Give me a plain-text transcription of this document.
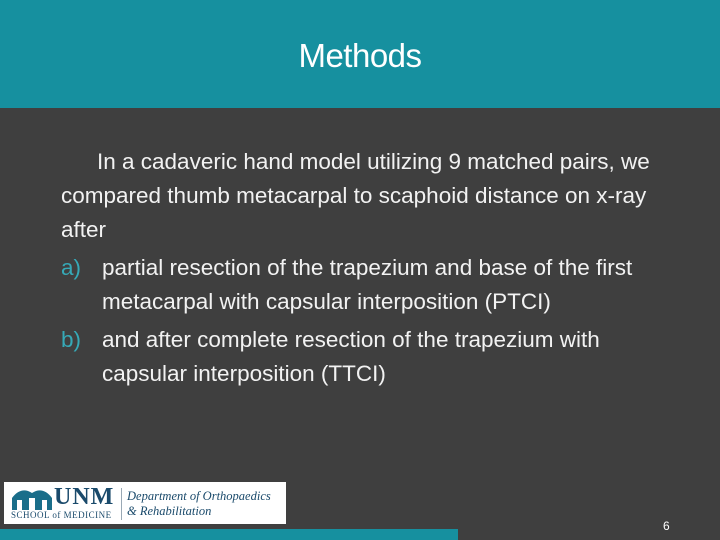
Methods

In a cadaveric hand model utilizing 9 matched pairs, we compared thumb metacarpal to scaphoid distance on x-ray after

a) partial resection of the trapezium and base of the first metacarpal with capsular interposition (PTCI)
b) and after complete resection of the trapezium with capsular interposition (TTCI)
UNM
SCHOOL of MEDICINE
Department of Orthopaedics
& Rehabilitation
6
